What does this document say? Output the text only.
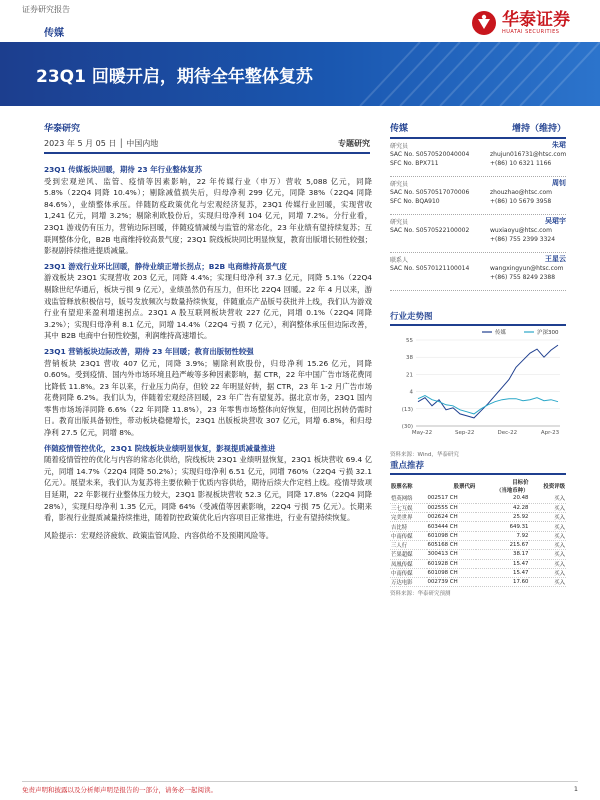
证券研究报告
传媒
华泰证券
HUATAI SECURITIES
23Q1 回暖开启，期待全年整体复苏
华泰研究
2023 年 5 月 05 日 │ 中国内地	专题研究
23Q1 传媒板块回暖，期待 23 年行业整体复苏
受到宏观逆风、监管、疫情等因素影响，22 年传媒行业（申万）营收 5,088 亿元，同降 5.8%（22Q4 同降 10.4%）；剔除减值损失后，归母净利 299 亿元，同降 38%（22Q4 同降 84.6%），业绩整体承压。伴随防疫政策优化与宏观经济复苏，23Q1 传媒行业回暖，实现营收 1,241 亿元，同增 3.2%；剔除利欧股份后，实现归母净利 104 亿元，同增 7.2%。分行业看，23Q1 游戏仍有压力，营销边际回暖，伴随疫情减缓与监管的常态化，23 年业绩有望持续复苏；互联网整体分化，B2B 电商维持较高景气度；23Q1 院线板块同比明显恢复，教育出版增长韧性较强；影视剧持续推进提质减量。
23Q1 游戏行业环比回暖，静待业绩正增长拐点；B2B 电商维持高景气度
游戏板块 23Q1 实现营收 203 亿元，同降 4.4%；实现归母净利 37.3 亿元，同降 5.1%（22Q4 剔除世纪华通后，板块亏损 9 亿元），业绩虽然仍有压力，但环比 22Q4 回暖。22 年 4 月以来，游戏监管释放积极信号，版号发放频次与数量持续恢复，伴随重点产品版号获批并上线，我们认为游戏行业有望迎来盈利增速拐点。23Q1 A 股互联网板块营收 227 亿元，同增 0.1%（22Q4 同降 3.2%）；实现归母净利 8.1 亿元，同增 14.4%（22Q4 亏损 7 亿元），利润整体承压但边际改善，其中 B2B 电商中台韧性较强，利润维持高速增长。
23Q1 营销板块边际改善，期待 23 年回暖；教育出版韧性较强
营销板块 23Q1 营收 407 亿元，同降 3.9%；剔除利欧股份，归母净利 15.26 亿元，同降 0.60%。受到疫情、国内外市场环境且趋严峻等多种因素影响，据 CTR，22 年中国广告市场花费同比降低 11.8%。23 年以来，行业压力尚存，但较 22 年明显好转，据 CTR，23 年 1-2 月广告市场花费同降 6.2%。我们认为，伴随着宏观经济回暖，23 年广告有望复苏。据北京市务，23Q1 国内零售市场场洋同降 6.6%（22 年同降 11.8%），23 年零售市场整体向好恢复，但同比拐转仍需时日。教育出版具备韧性，带动板块稳健增长，23Q1 出版板块营收 307 亿元，同增 6.8%，和归母净利 27.5 亿元，同增 8%。
伴随疫情管控优化，23Q1 院线板块业绩明显恢复，影视提质减量推进
随着疫情管控的优化与内容的常态化供给，院线板块 23Q1 业绩明显恢复，23Q1 板块营收 69.4 亿元，同增 14.7%（22Q4 同降 50.2%）；实现归母净利 6.51 亿元，同增 760%（22Q4 亏损 32.1 亿元）。展望未来，我们认为复苏将主要依赖于优质内容供给，期待后续大作定档上线。疫情导致项目延期，22 年影视行业整体压力较大，23Q1 影视板块营收 52.3 亿元，同降 17.8%（22Q4 同降 28%），实现归母净利 1.35 亿元，同降 64%（受减值等因素影响，22Q4 亏损 75 亿元）。长期来看，影视行业提质减量持续推进，随着防控政策优化后内容项目正常推进，行业有望持续恢复。
风险提示：宏观经济疲软、政策监管风险、内容供给不及预期风险等。
传媒	增持（维持）
研究员	朱珺
SAC No. S0570520040004	zhujun016731@htsc.com
SFC No. BPX711	+(86) 10 6321 1166
研究员	周钊
SAC No. S0570517070006	zhouzhao@htsc.com
SFC No. BQA910	+(86) 10 5679 3958
研究员	吴珺宇
SAC No. S0570522100002	wuxiaoyu@htsc.com
+(86) 755 2399 3324
联系人	王星云
SAC No. S0570121100014	wangxingyun@htsc.com
+(86) 755 8249 2388
行业走势图
55
38
21
4
(13)
(30)
May-22	Sep-22	Dec-22	Apr-23
传媒	沪深300
资料来源：Wind，华泰研究
重点推荐
股票名称	股票代码	目标价
（当地币种）	投资评级
恺英网络	002517 CH	20.48	买入
三七互娱	002555 CH	42.28	买入
完美世界	002624 CH	25.92	买入
吉比特	603444 CH	649.31	买入
中南传媒	601098 CH	7.92	买入
三人行	605168 CH	215.67	买入
芒果超媒	300413 CH	38.17	买入
凤凰传媒	601928 CH	15.47	买入
中南传媒	601098 CH	15.47	买入
万达电影	002739 CH	17.60	买入
资料来源：华泰研究预测
免责声明和披露以及分析师声明是报告的一部分，请务必一起阅读。	1
